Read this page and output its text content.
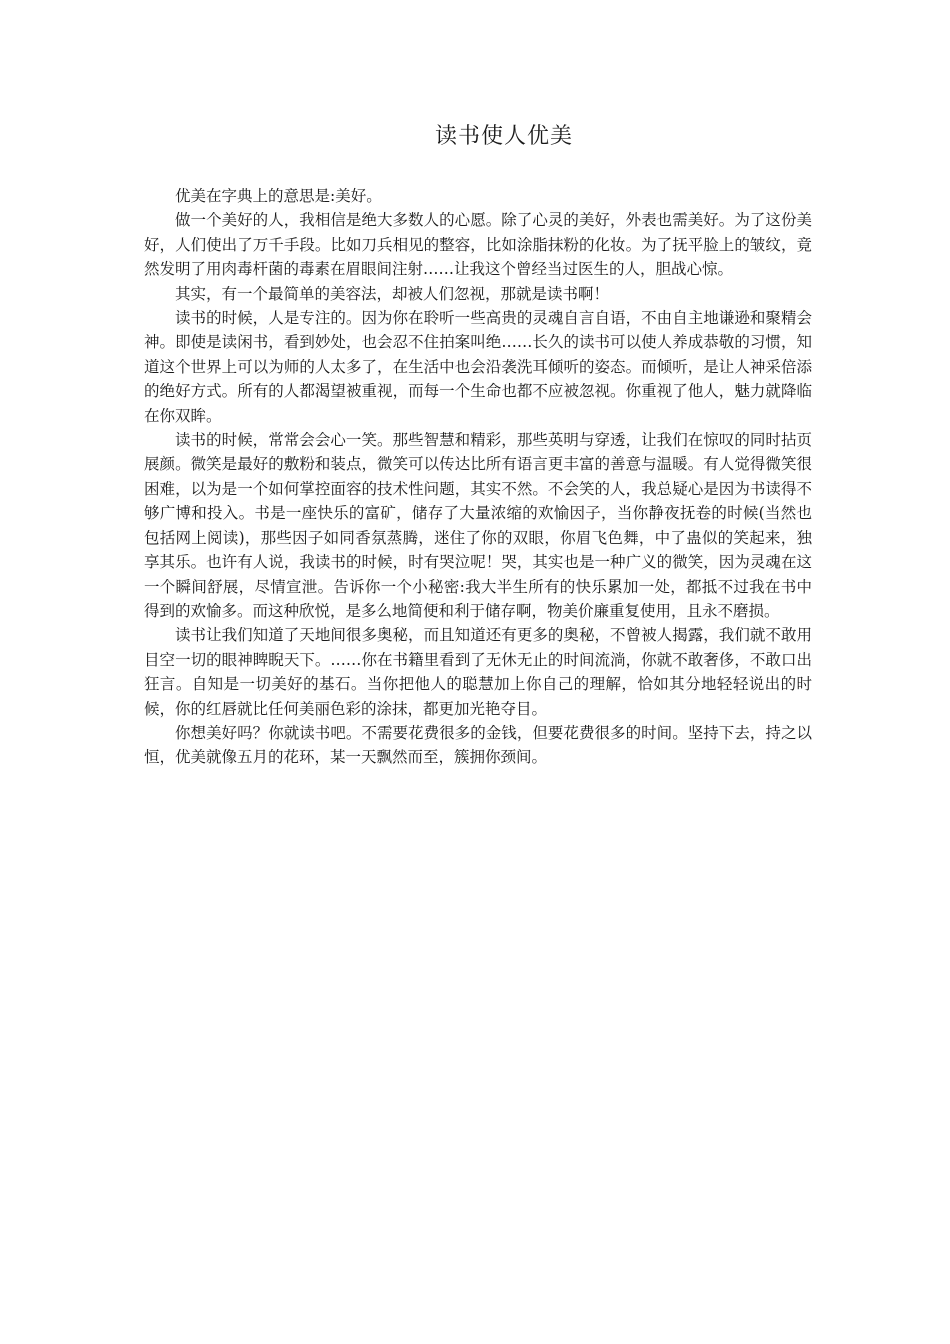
读书使人优美

优美在字典上的意思是:美好。

做一个美好的人，我相信是绝大多数人的心愿。除了心灵的美好，外表也需美好。为了这份美好，人们使出了万千手段。比如刀兵相见的整容，比如涂脂抹粉的化妆。为了抚平脸上的皱纹，竟然发明了用肉毒杆菌的毒素在眉眼间注射……让我这个曾经当过医生的人，胆战心惊。

其实，有一个最简单的美容法，却被人们忽视，那就是读书啊！

读书的时候，人是专注的。因为你在聆听一些高贵的灵魂自言自语，不由自主地谦逊和聚精会神。即使是读闲书，看到妙处，也会忍不住拍案叫绝……长久的读书可以使人养成恭敬的习惯，知道这个世界上可以为师的人太多了，在生活中也会沿袭洗耳倾听的姿态。而倾听，是让人神采倍添的绝好方式。所有的人都渴望被重视，而每一个生命也都不应被忽视。你重视了他人，魅力就降临在你双眸。

读书的时候，常常会会心一笑。那些智慧和精彩，那些英明与穿透，让我们在惊叹的同时拈页展颜。微笑是最好的敷粉和装点，微笑可以传达比所有语言更丰富的善意与温暖。有人觉得微笑很困难，以为是一个如何掌控面容的技术性问题，其实不然。不会笑的人，我总疑心是因为书读得不够广博和投入。书是一座快乐的富矿，储存了大量浓缩的欢愉因子，当你静夜抚卷的时候(当然也包括网上阅读)，那些因子如同香氛蒸腾，迷住了你的双眼，你眉飞色舞，中了蛊似的笑起来，独享其乐。也许有人说，我读书的时候，时有哭泣呢！哭，其实也是一种广义的微笑，因为灵魂在这一个瞬间舒展，尽情宣泄。告诉你一个小秘密:我大半生所有的快乐累加一处，都抵不过我在书中得到的欢愉多。而这种欣悦，是多么地简便和利于储存啊，物美价廉重复使用，且永不磨损。

读书让我们知道了天地间很多奥秘，而且知道还有更多的奥秘，不曾被人揭露，我们就不敢用目空一切的眼神睥睨天下。……你在书籍里看到了无休无止的时间流淌，你就不敢奢侈，不敢口出狂言。自知是一切美好的基石。当你把他人的聪慧加上你自己的理解，恰如其分地轻轻说出的时候，你的红唇就比任何美丽色彩的涂抹，都更加光艳夺目。

你想美好吗？你就读书吧。不需要花费很多的金钱，但要花费很多的时间。坚持下去，持之以恒，优美就像五月的花环，某一天飘然而至，簇拥你颈间。
